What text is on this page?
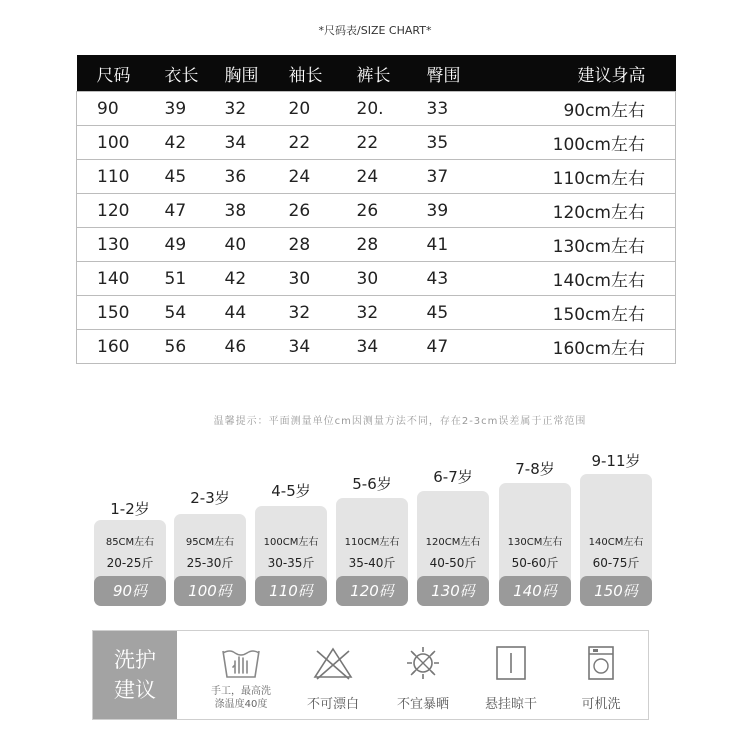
*尺码表/SIZE CHART*
尺码	衣长	胸围	袖长	裤长	臀围	建议身高
90	39	32	20	20.	33	90cm左右
100	42	34	22	22	35	100cm左右
110	45	36	24	24	37	110cm左右
120	47	38	26	26	39	120cm左右
130	49	40	28	28	41	130cm左右
140	51	42	30	30	43	140cm左右
150	54	44	32	32	45	150cm左右
160	56	46	34	34	47	160cm左右
温馨提示：平面测量单位cm因测量方法不同，存在2-3cm误差属于正常范围
1-2岁
85CM左右
20-25斤
90码
2-3岁
95CM左右
25-30斤
100码
4-5岁
100CM左右
30-35斤
110码
5-6岁
110CM左右
35-40斤
120码
6-7岁
120CM左右
40-50斤
130码
7-8岁
130CM左右
50-60斤
140码
9-11岁
140CM左右
60-75斤
150码
洗护
建议	手工，最高洗
涤温度40度	不可漂白	不宜暴晒	悬挂晾干	可机洗
